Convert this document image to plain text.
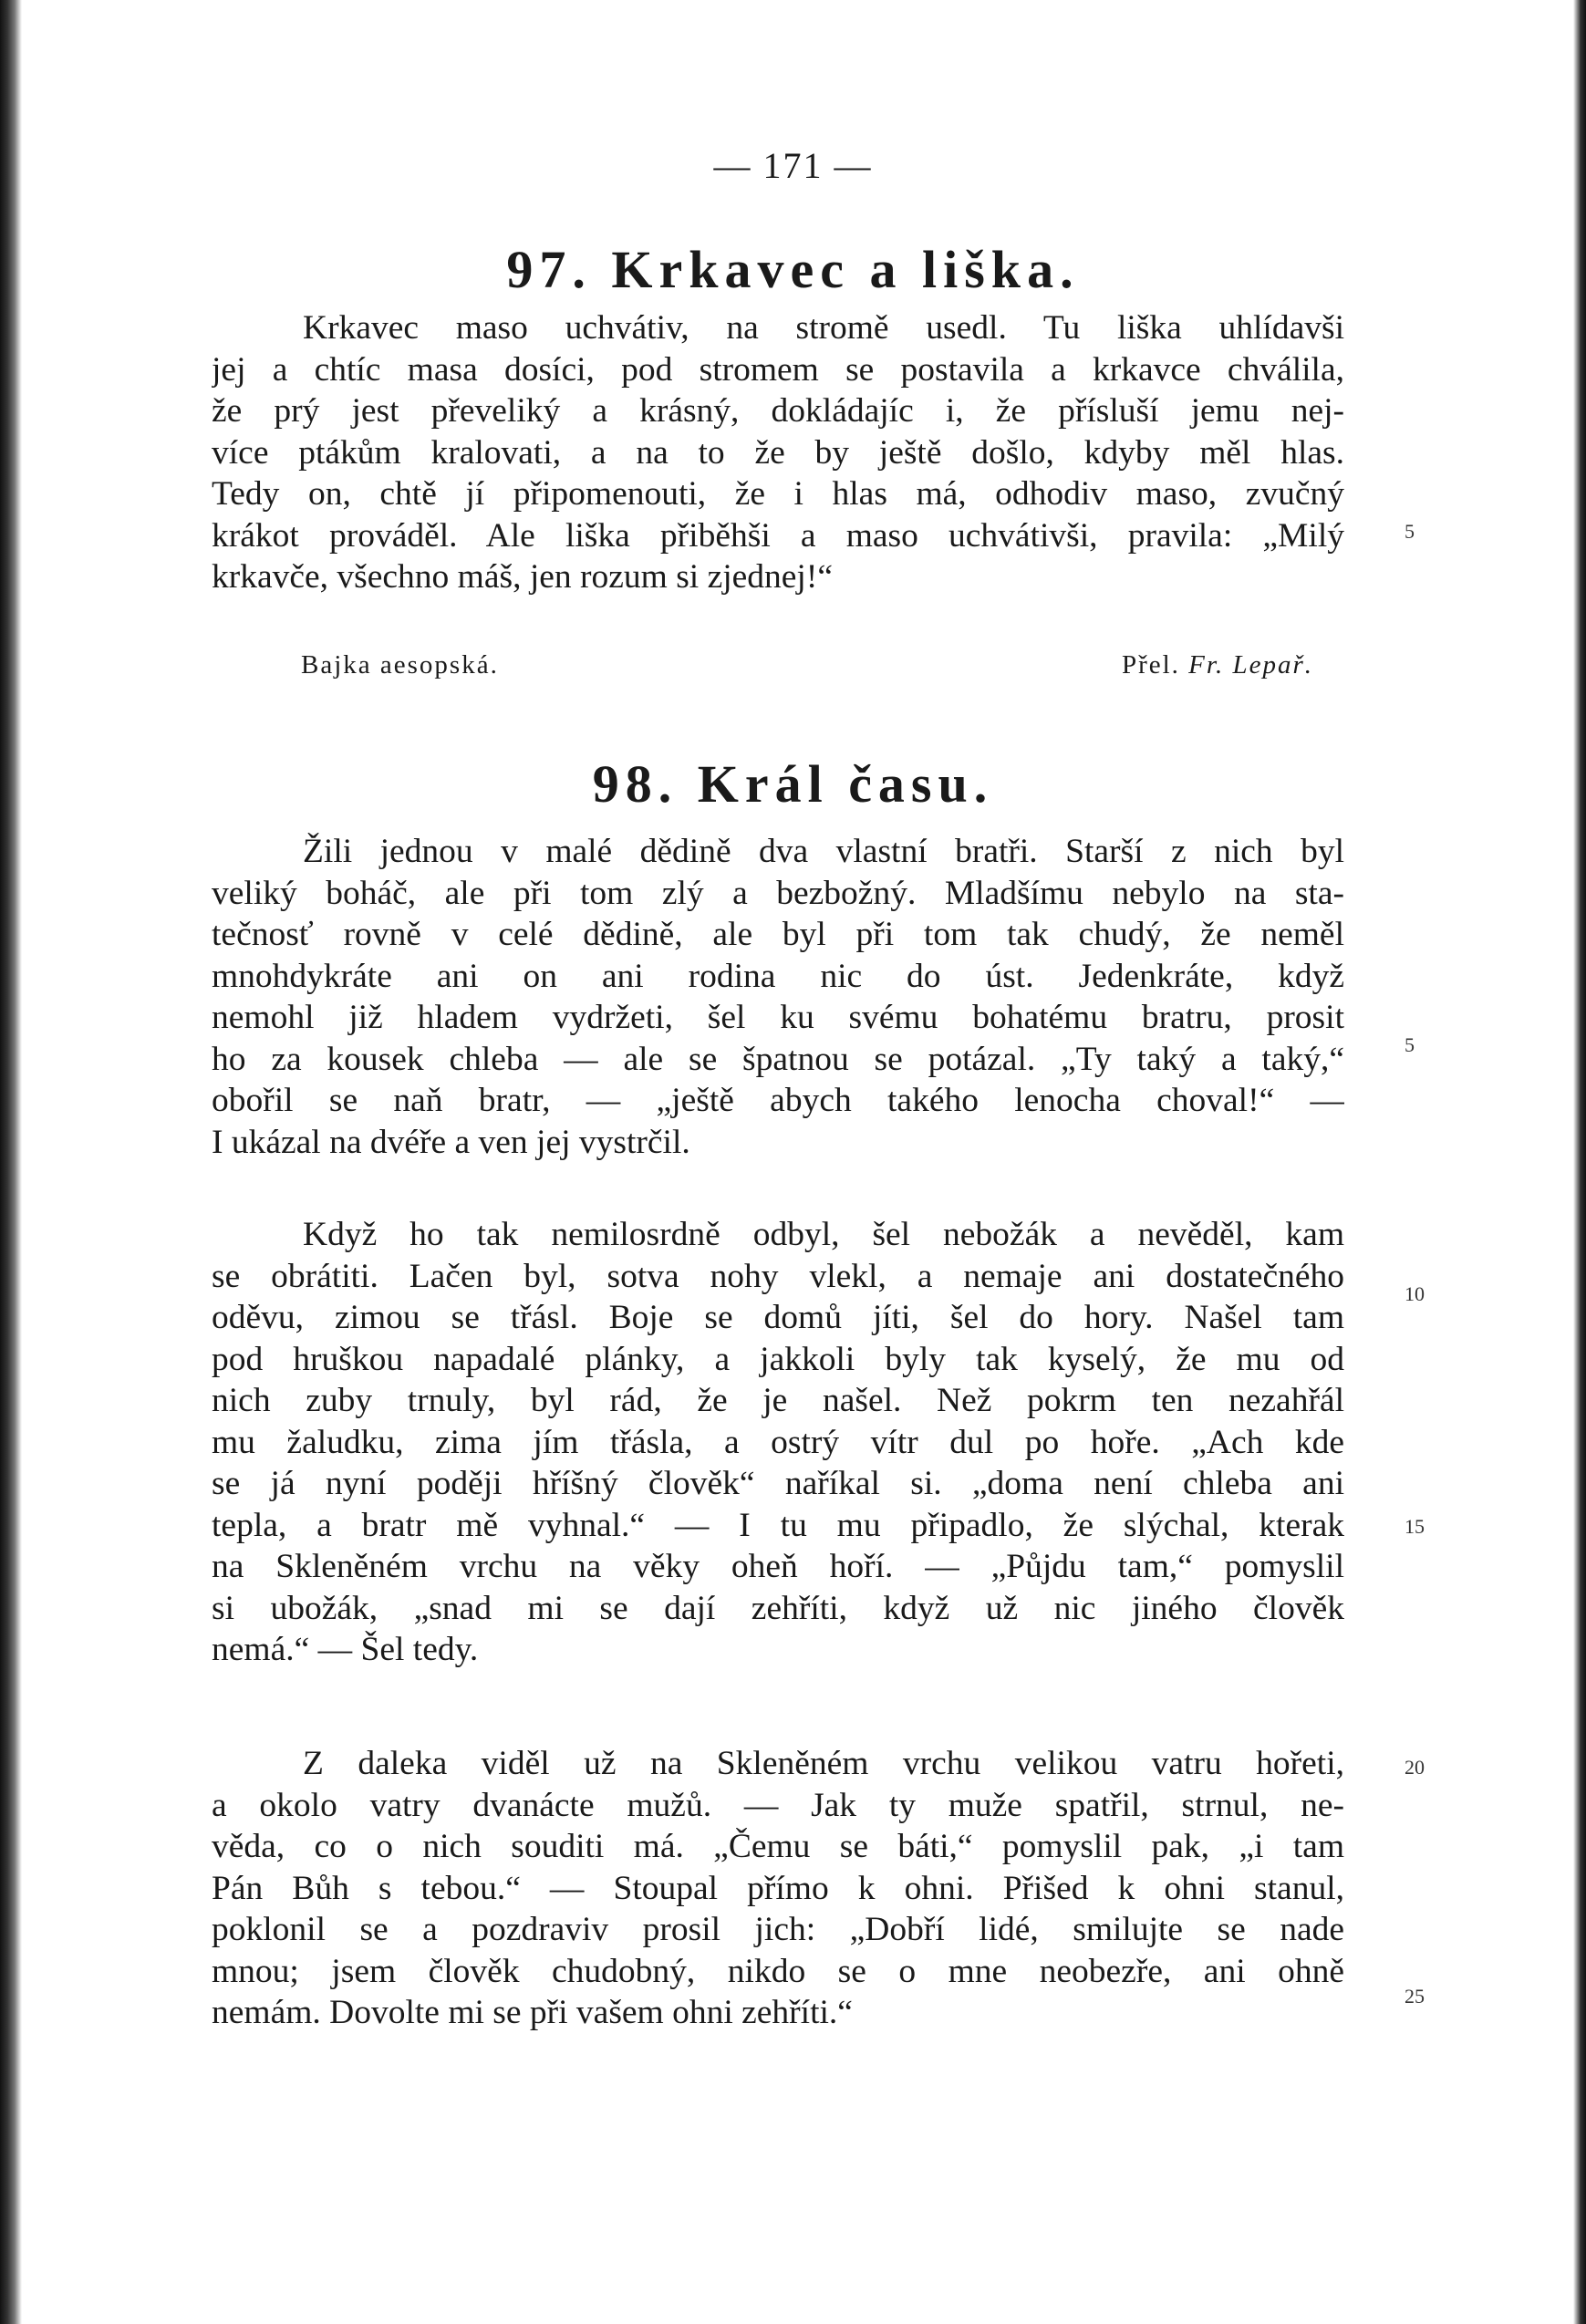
— 171 —
97. Krkavec a liška.
Krkavec maso uchvátiv, na stromě usedl. Tu liška uhlídavši
jej a chtíc masa dosíci, pod stromem se postavila a krkavce chválila,
že prý jest převeliký a krásný, dokládajíc i, že přísluší jemu nej-
více ptákům kralovati, a na to že by ještě došlo, kdyby měl hlas.
Tedy on, chtě jí připomenouti, že i hlas má, odhodiv maso, zvučný
krákot prováděl. Ale liška přiběhši a maso uchvátivši, pravila: „Milý
krkavče, všechno máš, jen rozum si zjednej!“
5
Bajka aesopská.	Přel. Fr. Lepař.
98. Král času.
Žili jednou v malé dědině dva vlastní bratři. Starší z nich byl
veliký boháč, ale při tom zlý a bezbožný. Mladšímu nebylo na sta-
tečnosť rovně v celé dědině, ale byl při tom tak chudý, že neměl
mnohdykráte ani on ani rodina nic do úst. Jedenkráte, když
nemohl již hladem vydržeti, šel ku svému bohatému bratru, prosit
ho za kousek chleba — ale se špatnou se potázal. „Ty taký a taký,“
obořil se naň bratr, — „ještě abych takého lenocha choval!“ —
I ukázal na dvéře a ven jej vystrčil.
5
Když ho tak nemilosrdně odbyl, šel nebožák a nevěděl, kam
se obrátiti. Lačen byl, sotva nohy vlekl, a nemaje ani dostatečného
oděvu, zimou se třásl. Boje se domů jíti, šel do hory. Našel tam
pod hruškou napadalé plánky, a jakkoli byly tak kyselý, že mu od
nich zuby trnuly, byl rád, že je našel. Než pokrm ten nezahřál
mu žaludku, zima jím třásla, a ostrý vítr dul po hoře. „Ach kde
se já nyní poději hříšný člověk“ naříkal si. „doma není chleba ani
tepla, a bratr mě vyhnal.“ — I tu mu připadlo, že slýchal, kterak
na Skleněném vrchu na věky oheň hoří. — „Půjdu tam,“ pomyslil
si ubožák, „snad mi se dají zehříti, když už nic jiného člověk
nemá.“ — Šel tedy.
10
15
Z daleka viděl už na Skleněném vrchu velikou vatru hořeti,
a okolo vatry dvanácte mužů. — Jak ty muže spatřil, strnul, ne-
věda, co o nich souditi má. „Čemu se báti,“ pomyslil pak, „i tam
Pán Bůh s tebou.“ — Stoupal přímo k ohni. Přišed k ohni stanul,
poklonil se a pozdraviv prosil jich: „Dobří lidé, smilujte se nade
mnou; jsem člověk chudobný, nikdo se o mne neobezře, ani ohně
nemám. Dovolte mi se při vašem ohni zehříti.“
20
25
